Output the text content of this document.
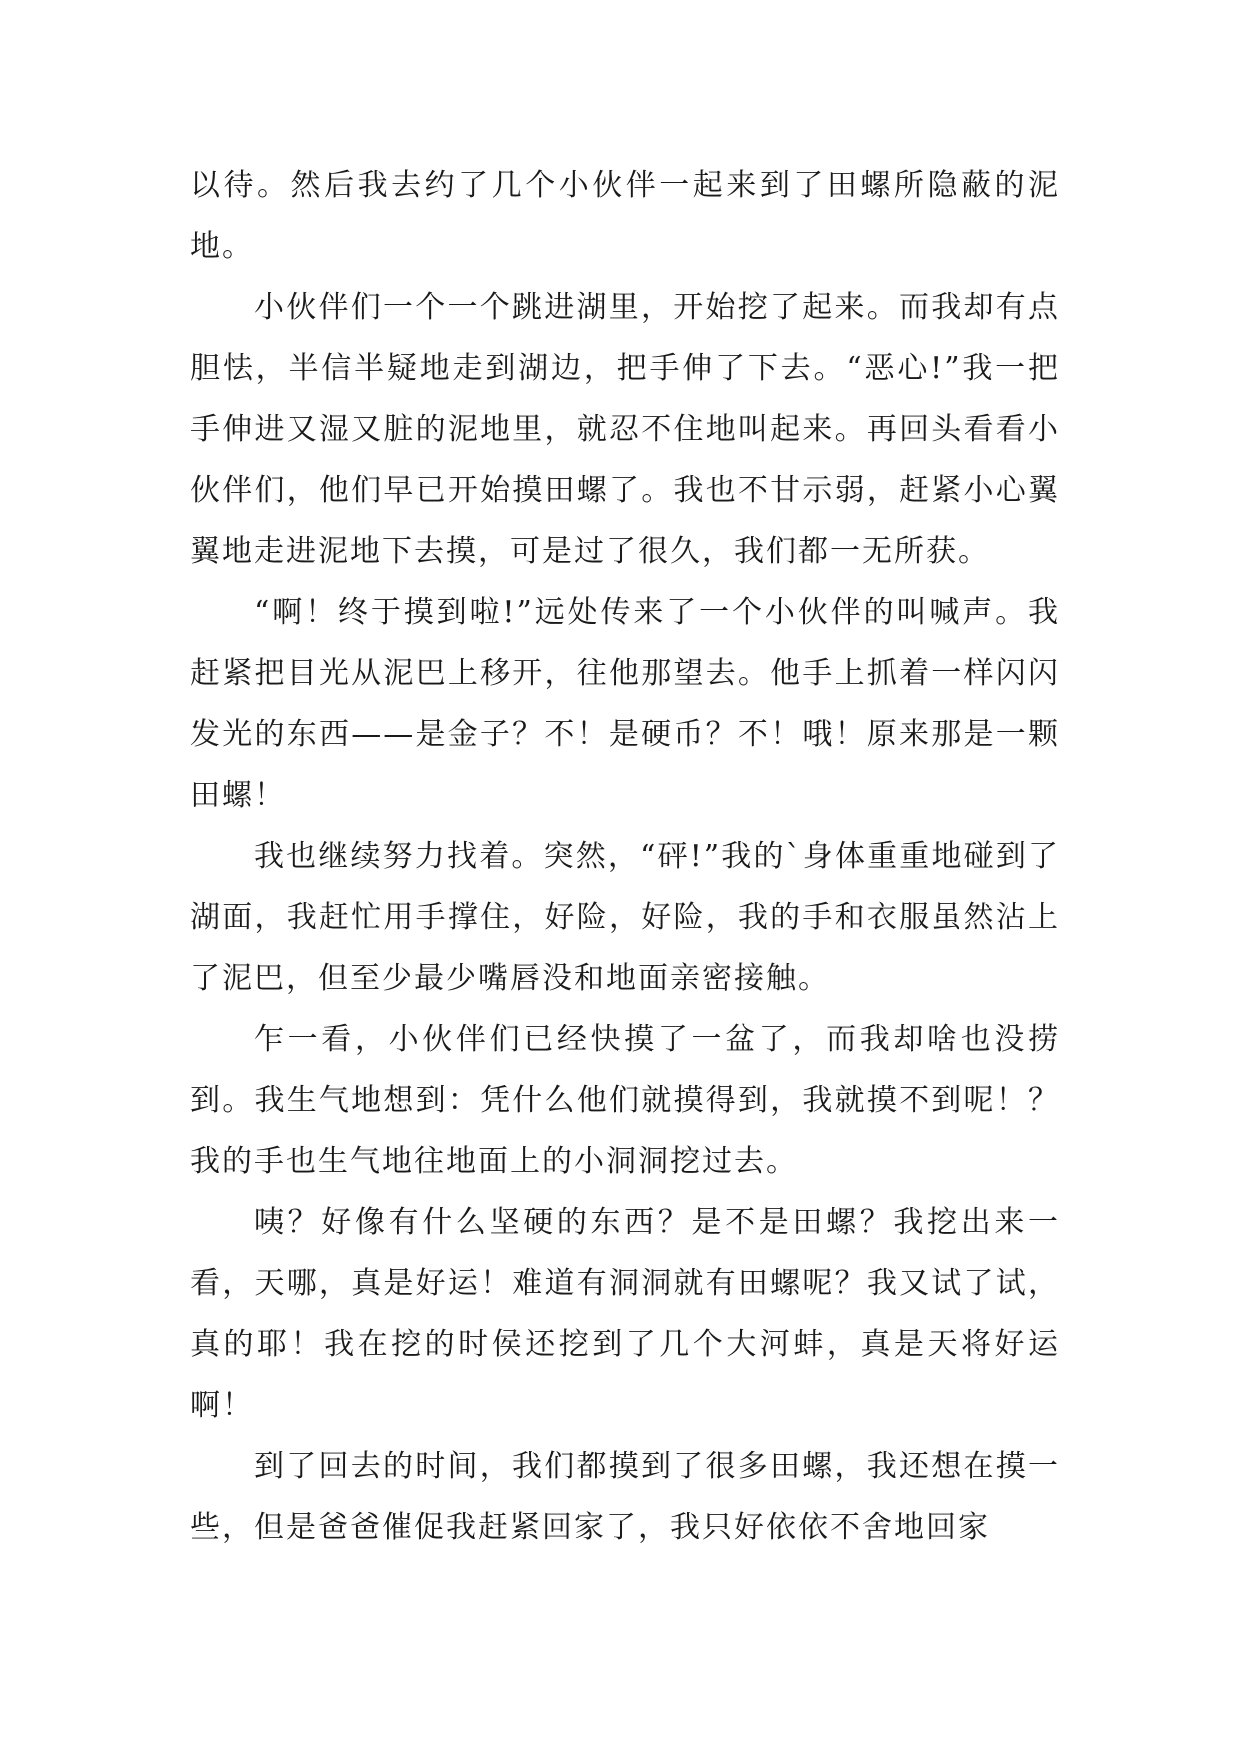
以待。然后我去约了几个小伙伴一起来到了田螺所隐蔽的泥地。

小伙伴们一个一个跳进湖里，开始挖了起来。而我却有点胆怯，半信半疑地走到湖边，把手伸了下去。“恶心!”我一把手伸进又湿又脏的泥地里，就忍不住地叫起来。再回头看看小伙伴们，他们早已开始摸田螺了。我也不甘示弱，赶紧小心翼翼地走进泥地下去摸，可是过了很久，我们都一无所获。

“啊！终于摸到啦!”远处传来了一个小伙伴的叫喊声。我赶紧把目光从泥巴上移开，往他那望去。他手上抓着一样闪闪发光的东西——是金子？不！是硬币？不！哦！原来那是一颗田螺！

我也继续努力找着。突然，“砰!”我的`身体重重地碰到了湖面，我赶忙用手撑住，好险，好险，我的手和衣服虽然沾上了泥巴，但至少最少嘴唇没和地面亲密接触。

乍一看，小伙伴们已经快摸了一盆了，而我却啥也没捞到。我生气地想到：凭什么他们就摸得到，我就摸不到呢！？我的手也生气地往地面上的小洞洞挖过去。

咦？好像有什么坚硬的东西？是不是田螺？我挖出来一看，天哪，真是好运！难道有洞洞就有田螺呢？我又试了试，真的耶！我在挖的时侯还挖到了几个大河蚌，真是天将好运啊！

到了回去的时间，我们都摸到了很多田螺，我还想在摸一些，但是爸爸催促我赶紧回家了，我只好依依不舍地回家
